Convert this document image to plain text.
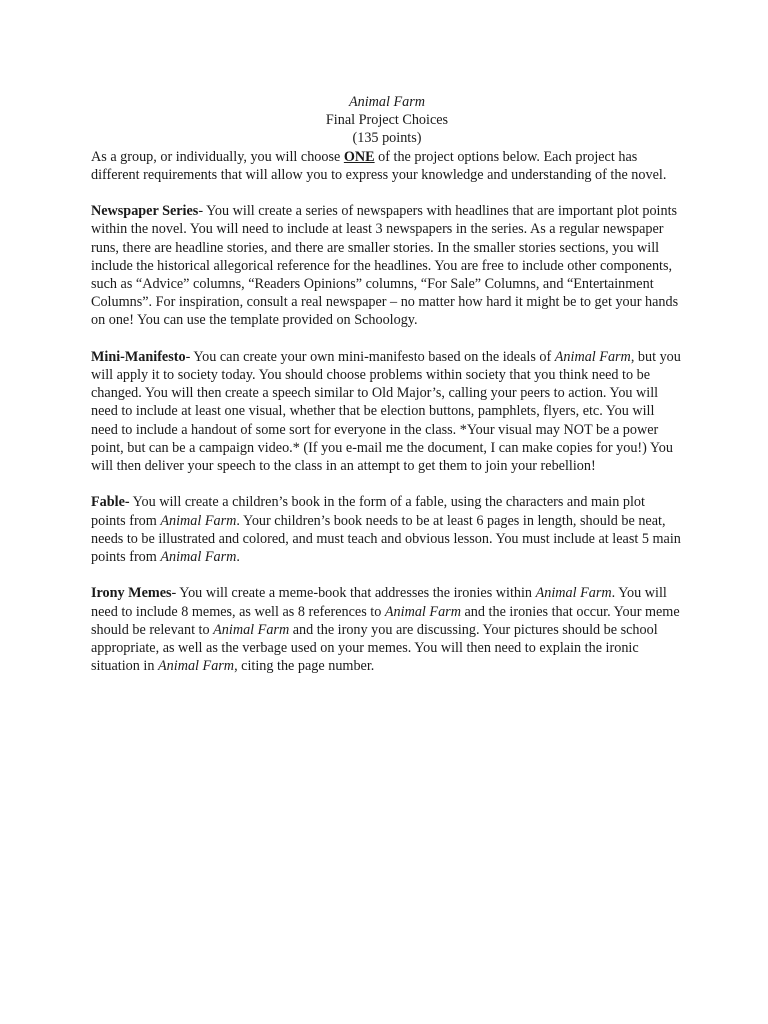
Animal Farm
Final Project Choices
(135 points)

As a group, or individually, you will choose ONE of the project options below. Each project has different requirements that will allow you to express your knowledge and understanding of the novel.

Newspaper Series- You will create a series of newspapers with headlines that are important plot points within the novel. You will need to include at least 3 newspapers in the series. As a regular newspaper runs, there are headline stories, and there are smaller stories. In the smaller stories sections, you will include the historical allegorical reference for the headlines. You are free to include other components, such as “Advice” columns, “Readers Opinions” columns, “For Sale” Columns, and “Entertainment Columns”. For inspiration, consult a real newspaper – no matter how hard it might be to get your hands on one! You can use the template provided on Schoology.

Mini-Manifesto- You can create your own mini-manifesto based on the ideals of Animal Farm, but you will apply it to society today. You should choose problems within society that you think need to be changed. You will then create a speech similar to Old Major’s, calling your peers to action. You will need to include at least one visual, whether that be election buttons, pamphlets, flyers, etc. You will need to include a handout of some sort for everyone in the class. *Your visual may NOT be a power point, but can be a campaign video.* (If you e-mail me the document, I can make copies for you!) You will then deliver your speech to the class in an attempt to get them to join your rebellion!

Fable- You will create a children’s book in the form of a fable, using the characters and main plot points from Animal Farm. Your children’s book needs to be at least 6 pages in length, should be neat, needs to be illustrated and colored, and must teach and obvious lesson. You must include at least 5 main points from Animal Farm.

Irony Memes- You will create a meme-book that addresses the ironies within Animal Farm. You will need to include 8 memes, as well as 8 references to Animal Farm and the ironies that occur. Your meme should be relevant to Animal Farm and the irony you are discussing. Your pictures should be school appropriate, as well as the verbage used on your memes. You will then need to explain the ironic situation in Animal Farm, citing the page number.
